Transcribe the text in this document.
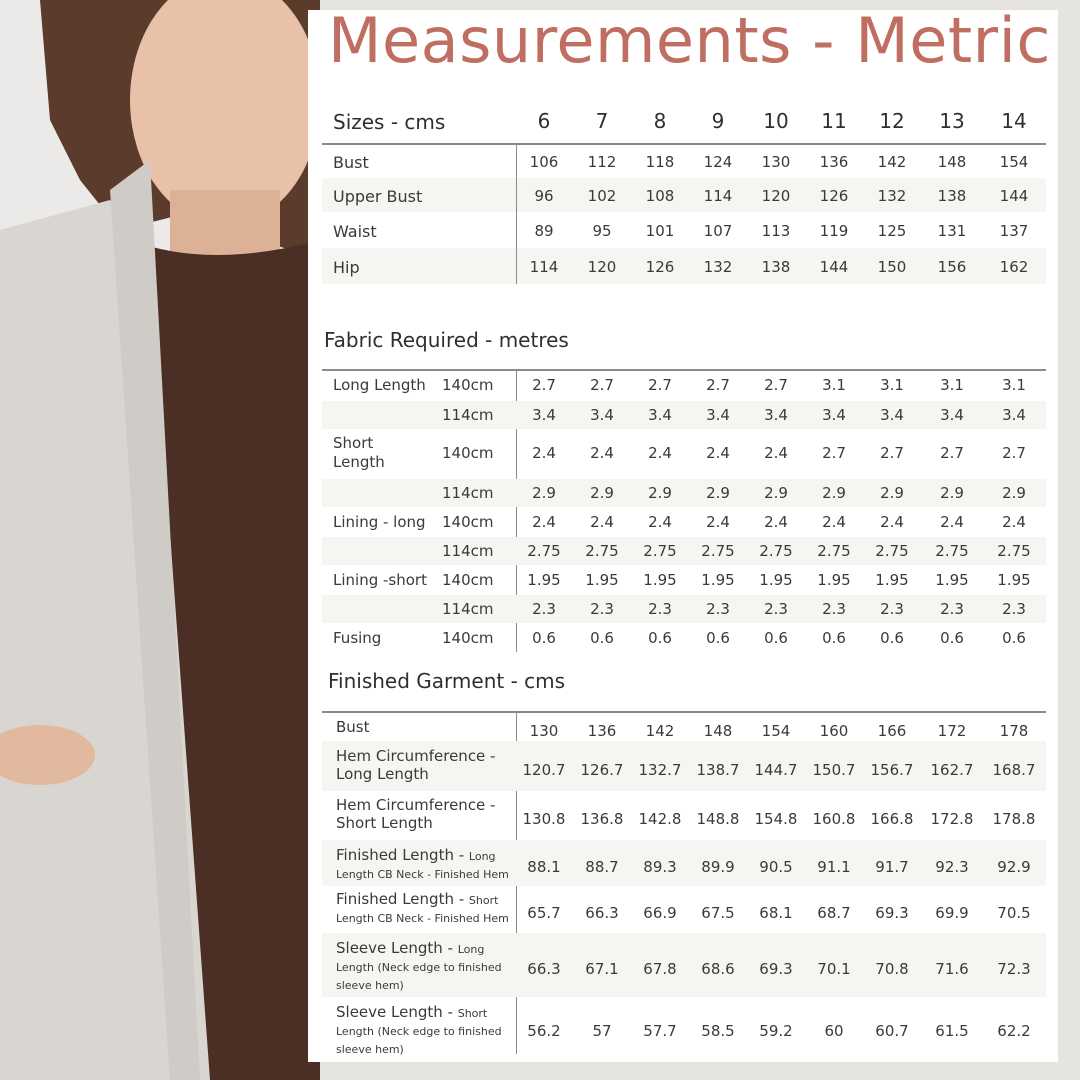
Measurements - Metric
Sizes - cms	6	7	8	9	10	11	12	13	14
Bust	106	112	118	124	130	136	142	148	154
Upper Bust	96	102	108	114	120	126	132	138	144
Waist	89	95	101	107	113	119	125	131	137
Hip	114	120	126	132	138	144	150	156	162
Fabric Required - metres
Long Length 140cm	2.7	2.7	2.7	2.7	2.7	3.1	3.1	3.1	3.1
114cm	3.4	3.4	3.4	3.4	3.4	3.4	3.4	3.4	3.4
Short
Length	140cm	2.4	2.4	2.4	2.4	2.4	2.7	2.7	2.7	2.7
114cm	2.9	2.9	2.9	2.9	2.9	2.9	2.9	2.9	2.9
Lining - long 140cm	2.4	2.4	2.4	2.4	2.4	2.4	2.4	2.4	2.4
114cm	2.75	2.75	2.75	2.75	2.75	2.75	2.75	2.75	2.75
Lining -short 140cm	1.95	1.95	1.95	1.95	1.95	1.95	1.95	1.95	1.95
114cm	2.3	2.3	2.3	2.3	2.3	2.3	2.3	2.3	2.3
Fusing	140cm	0.6	0.6	0.6	0.6	0.6	0.6	0.6	0.6	0.6
Finished Garment - cms
Bust	130	136	142	148	154	160	166	172	178
Hem Circumference - Long Length	120.7	126.7	132.7	138.7	144.7	150.7	156.7	162.7	168.7
Hem Circumference - Short Length	130.8	136.8	142.8	148.8	154.8	160.8	166.8	172.8	178.8
Finished Length - Long Length CB Neck - Finished Hem	88.1	88.7	89.3	89.9	90.5	91.1	91.7	92.3	92.9
Finished Length - Short Length CB Neck - Finished Hem	65.7	66.3	66.9	67.5	68.1	68.7	69.3	69.9	70.5
Sleeve Length - Long Length (Neck edge to finished sleeve hem)
66.3	67.1	67.8	68.6	69.3	70.1	70.8	71.6	72.3
Sleeve Length - Short Length (Neck edge to finished sleeve hem)
56.2	57	57.7	58.5	59.2	60	60.7	61.5	62.2
